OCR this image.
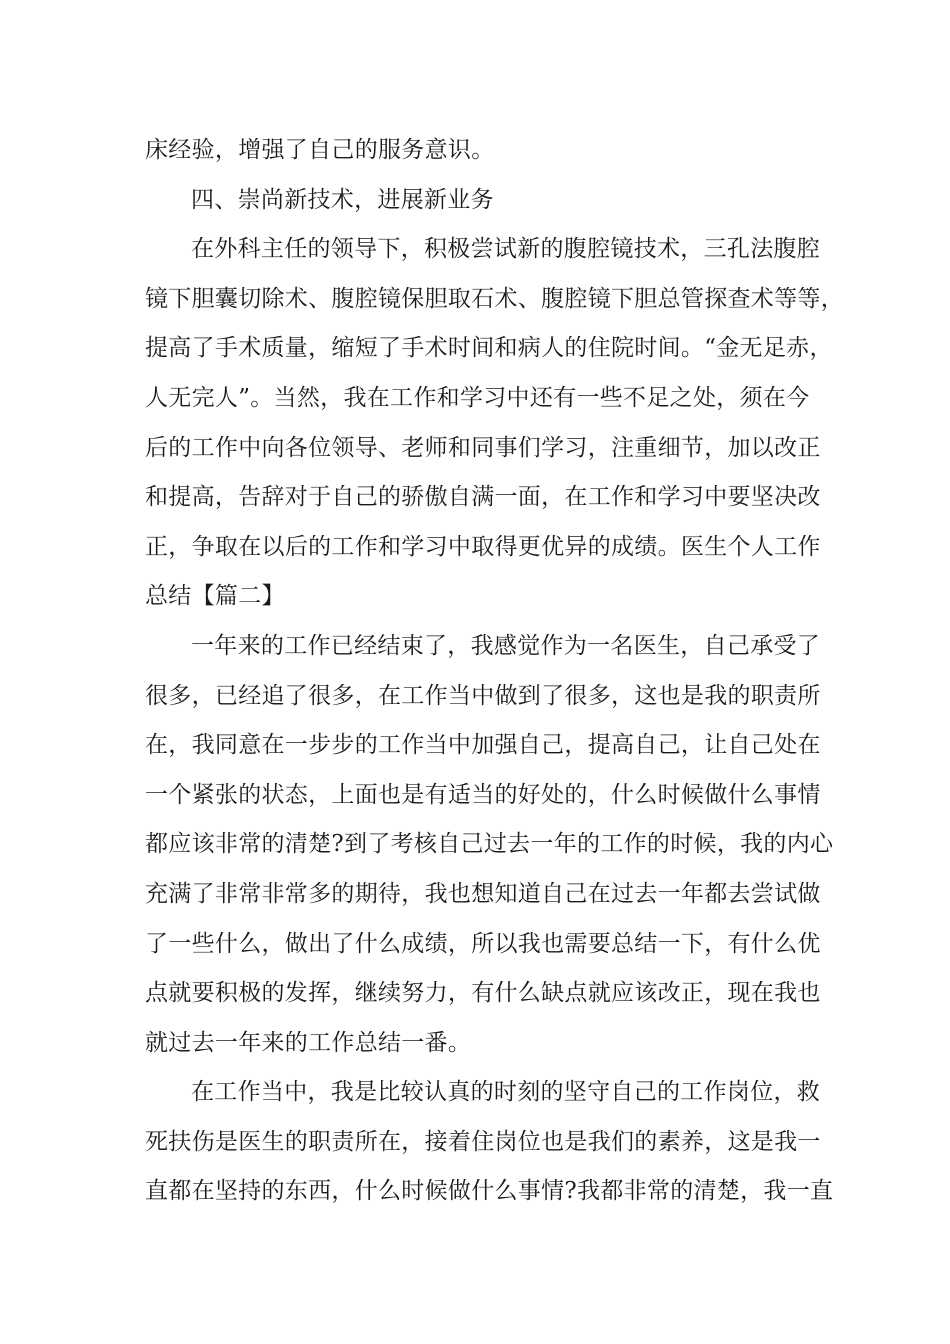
床经验，增强了自己的服务意识。
四、崇尚新技术，进展新业务
在外科主任的领导下，积极尝试新的腹腔镜技术，三孔法腹腔
镜下胆囊切除术、腹腔镜保胆取石术、腹腔镜下胆总管探查术等等，
提高了手术质量，缩短了手术时间和病人的住院时间。“金无足赤，
人无完人”。当然，我在工作和学习中还有一些不足之处，须在今
后的工作中向各位领导、老师和同事们学习，注重细节，加以改正
和提高，告辞对于自己的骄傲自满一面，在工作和学习中要坚决改
正，争取在以后的工作和学习中取得更优异的成绩。医生个人工作
总结【篇二】
一年来的工作已经结束了，我感觉作为一名医生，自己承受了
很多，已经追了很多，在工作当中做到了很多，这也是我的职责所
在，我同意在一步步的工作当中加强自己，提高自己，让自己处在
一个紧张的状态，上面也是有适当的好处的，什么时候做什么事情
都应该非常的清楚?到了考核自己过去一年的工作的时候，我的内心
充满了非常非常多的期待，我也想知道自己在过去一年都去尝试做
了一些什么，做出了什么成绩，所以我也需要总结一下，有什么优
点就要积极的发挥，继续努力，有什么缺点就应该改正，现在我也
就过去一年来的工作总结一番。
在工作当中，我是比较认真的时刻的坚守自己的工作岗位，救
死扶伤是医生的职责所在，接着住岗位也是我们的素养，这是我一
直都在坚持的东西，什么时候做什么事情?我都非常的清楚，我一直
